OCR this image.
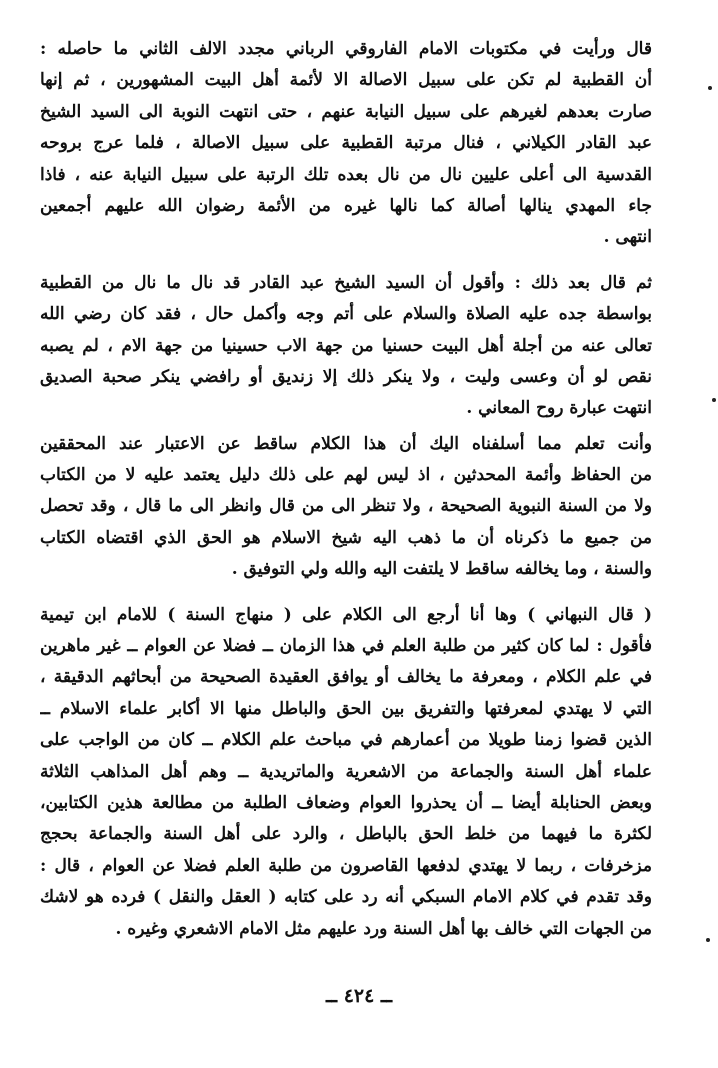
قال ورأيت في مكتوبات الامام الفاروقي الرباني مجدد الالف الثاني ما حاصله :
أن القطبية لم تكن على سبيل الاصالة الا لأئمة أهل البيت المشهورين ، ثم إنها
صارت بعدهم لغيرهم على سبيل النيابة عنهم ، حتى انتهت النوبة الى السيد الشيخ
عبد القادر الكيلاني ، فنال مرتبة القطبية على سبيل الاصالة ، فلما عرج بروحه
القدسية الى أعلى عليين نال من نال بعده تلك الرتبة على سبيل النيابة عنه ، فاذا
جاء المهدي ينالها أصالة كما نالها غيره من الأئمة رضوان الله عليهم أجمعين
انتهى .
ثم قال بعد ذلك : وأقول أن السيد الشيخ عبد القادر قد نال ما نال من القطبية
بواسطة جده عليه الصلاة والسلام على أتم وجه وأكمل حال ، فقد كان رضي الله
تعالى عنه من أجلة أهل البيت حسنيا من جهة الاب حسينيا من جهة الام ، لم يصبه
نقص لو أن وعسى وليت ، ولا ينكر ذلك إلا زنديق أو رافضي ينكر صحبة الصديق
انتهت عبارة روح المعاني .
وأنت تعلم مما أسلفناه اليك أن هذا الكلام ساقط عن الاعتبار عند المحققين
من الحفاظ وأئمة المحدثين ، اذ ليس لهم على ذلك دليل يعتمد عليه لا من الكتاب
ولا من السنة النبوية الصحيحة ، ولا تنظر الى من قال وانظر الى ما قال ، وقد تحصل
من جميع ما ذكرناه أن ما ذهب اليه شيخ الاسلام هو الحق الذي اقتضاه الكتاب
والسنة ، وما يخالفه ساقط لا يلتفت اليه والله ولي التوفيق .
( قال النبهاني ) وها أنا أرجع الى الكلام على ( منهاج السنة ) للامام ابن تيمية
فأقول : لما كان كثير من طلبة العلم في هذا الزمان ــ فضلا عن العوام ــ غير ماهرين
في علم الكلام ، ومعرفة ما يخالف أو يوافق العقيدة الصحيحة من أبحاثهم الدقيقة ،
التي لا يهتدي لمعرفتها والتفريق بين الحق والباطل منها الا أكابر علماء الاسلام ــ
الذين قضوا زمنا طويلا من أعمارهم في مباحث علم الكلام ــ كان من الواجب على
علماء أهل السنة والجماعة من الاشعرية والماتريدية ــ وهم أهل المذاهب الثلاثة
وبعض الحنابلة أيضا ــ أن يحذروا العوام وضعاف الطلبة من مطالعة هذين الكتابين،
لكثرة ما فيهما من خلط الحق بالباطل ، والرد على أهل السنة والجماعة بحجج
مزخرفات ، ربما لا يهتدي لدفعها القاصرون من طلبة العلم فضلا عن العوام ، قال :
وقد تقدم في كلام الامام السبكي أنه رد على كتابه ( العقل والنقل ) فرده هو لاشك
من الجهات التي خالف بها أهل السنة ورد عليهم مثل الامام الاشعري وغيره .
ــ ٤٢٤ ــ
